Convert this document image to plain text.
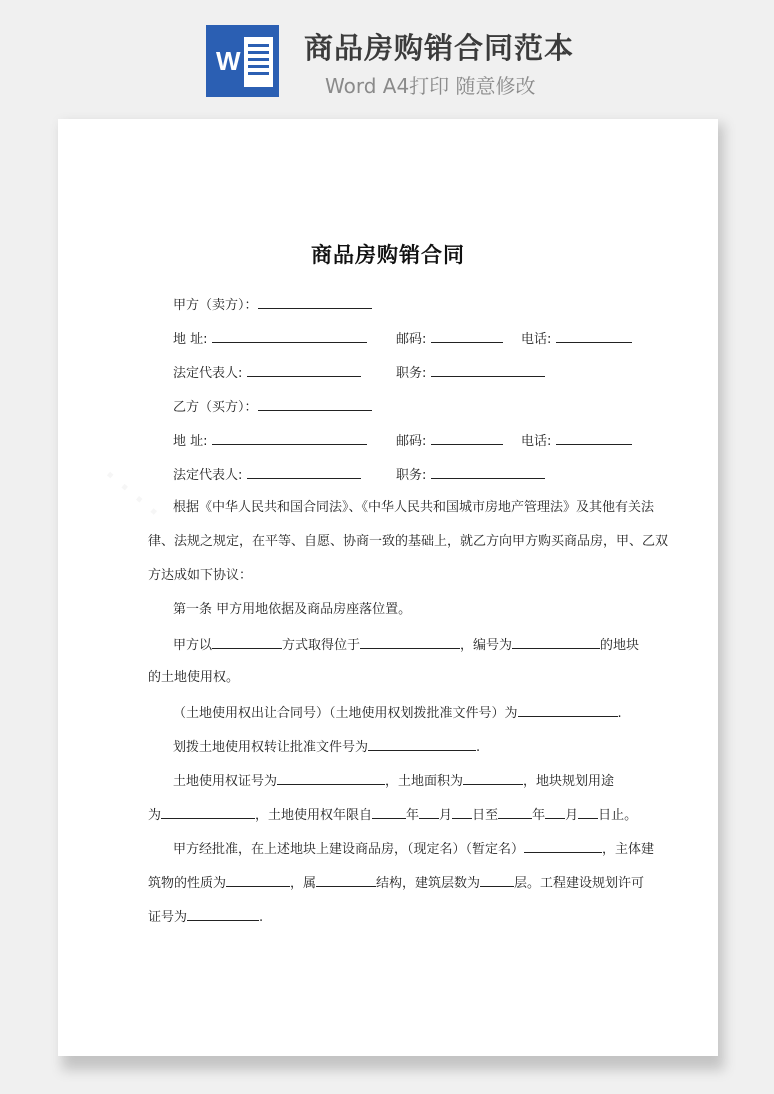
W 商品房购销合同范本
Word A4打印 随意修改
商品房购销合同
甲方（卖方）：
地 址:	邮码:	电话:
法定代表人:	职务:
乙方（买方）：
地 址:	邮码:	电话:
法定代表人:	职务:
根据《中华人民共和国合同法》、《中华人民共和国城市房地产管理法》及其他有关法
律、法规之规定，在平等、自愿、协商一致的基础上，就乙方向甲方购买商品房，甲、乙双
方达成如下协议：
第一条 甲方用地依据及商品房座落位置。
甲方以	方式取得位于	，编号为	的地块
的土地使用权。
（土地使用权出让合同号）（土地使用权划拨批准文件号）为	.
划拨土地使用权转让批准文件号为	.
土地使用权证号为	，土地面积为	，地块规划用途
为	，土地使用权年限自	年 月 日至	年 月 日止。
甲方经批准，在上述地块上建设商品房，（现定名）（暂定名）	，主体建
筑物的性质为	，属	结构，建筑层数为	层。工程建设规划许可
证号为	.
